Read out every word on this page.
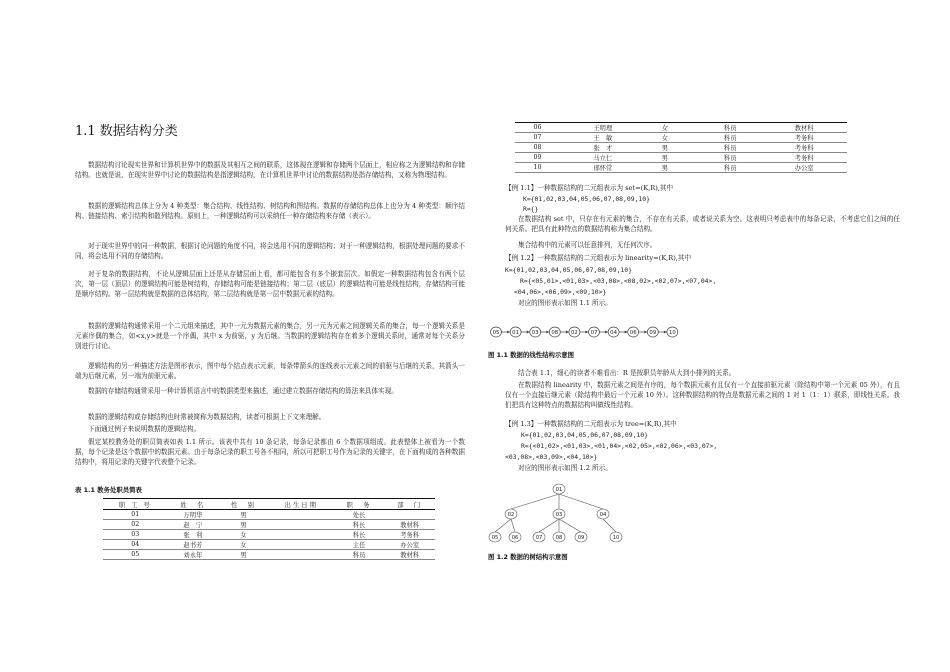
1.1 数据结构分类
数据结构讨论现实世界和计算机世界中的数据及其相互之间的联系，这体现在逻辑和存储两个层面上，相应称之为逻辑结构和存储结构。也就是说，在现实世界中讨论的数据结构是指逻辑结构，在计算机世界中讨论的数据结构是指存储结构，又称为物理结构。
数据的逻辑结构总体上分为 4 种类型：集合结构、线性结构、树结构和图结构。数据的存储结构总体上也分为 4 种类型：顺序结构、链接结构、索引结构和散列结构。原则上，一种逻辑结构可以采纳任一种存储结构来存储（表示）。
对于现实世界中的同一种数据，根据讨论问题的角度不同，将会选用不同的逻辑结构；对于一种逻辑结构，根据处理问题的要求不同，将会选用不同的存储结构。
对于复杂的数据结构，不论从逻辑层面上还是从存储层面上看，都可能包含有多个嵌套层次。如假定一种数据结构包含有两个层次，第一层（顶层）的逻辑结构可能是树结构，存储结构可能是链接结构；第二层（底层）的逻辑结构可能是线性结构，存储结构可能是顺序结构。第一层结构就是数据的总体结构，第二层结构就是第一层中数据元素的结构。
数据的逻辑结构通常采用一个二元组来描述，其中一元为数据元素的集合，另一元为元素之间逻辑关系的集合，每一个逻辑关系是元素序偶的集合，如<x,y>就是一个序偶，其中 x 为前驱，y 为后继。当数据的逻辑结构存在着多个逻辑关系时，通常对每个关系分别进行讨论。
逻辑结构的另一种描述方法是图形表示，图中每个结点表示元素，每条带箭头的连线表示元素之间的前驱与后继的关系，其箭头一端为后继元素，另一端为前驱元素。
数据的存储结构通常采用一种计算机语言中的数据类型来描述，通过建立数据存储结构的算法来具体实现。
数据的逻辑结构或存储结构也时常被简称为数据结构，读者可根据上下文来理解。
下面通过例子来说明数据的逻辑结构。
假定某校教务处的职员简表如表 1.1 所示。该表中共有 10 条记录，每条记录都由 6 个数据项组成。此表整体上被看为一个数据，每个记录是这个数据中的数据元素。由于每条记录的职工号各不相同，所以可把职工号作为记录的关键字，在下面构成的各种数据结构中，将用记录的关键字代表整个记录。
表 1.1 教务处职员简表
职 工 号	姓　名	性　别	出生日期	职　务	部　门
01	万明华	男		处长	
02	赵　宁	男		科长	教材科
03	张　利	女		科长	考务科
04	赵书芳	女		主任	办公室
05	刘永年	男		科员	教材科
06	王明理	女		科员	教材科
07	王　敏	女		科员	考务科
08	张　才	男		科员	考务科
09	马立仁	男		科员	考务科
10	邢怀常	男		科员	办公室
【例 1.1】一种数据结构的二元组表示为 set=(K,R),其中
K={01,02,03,04,05,06,07,08,09,10}
R={}
在数据结构 set 中，只存在有元素的集合，不存在有关系，或者说关系为空。这表明只考虑表中的每条记录，不考虑它们之间的任何关系。把具有此种特点的数据结构称为集合结构。
集合结构中的元素可以任意排列，无任何次序。
【例 1.2】一种数据结构的二元组表示为 linearity=(K,R),其中
K={01,02,03,04,05,06,07,08,09,10}
R={<05,01>,<01,03>,<03,08>,<08,02>,<02,07>,<07,04>,
<04,06>,<06,09>,<09,10>}
对应的图形表示如图 1.1 所示。
05 01 03 08 02 07 04 06 09 10
图 1.1 数据的线性结构示意图
结合表 1.1，细心的读者不难看出：R 是按职员年龄从大到小排列的关系。
在数据结构 linearity 中，数据元素之间是有序的，每个数据元素有且仅有一个直接前驱元素（除结构中第一个元素 05 外），有且仅有一个直接后继元素（除结构中最后一个元素 10 外）。这种数据结构的特点是数据元素之间的 1 对 1（1：1）联系，即线性关系。我们把具有这种特点的数据结构叫做线性结构。
【例 1.3】一种数据结构的二元组表示为 tree=(K,R),其中
K={01,02,03,04,05,06,07,08,09,10}
R={<01,02>,<01,03>,<01,04>,<02,05>,<02,06>,<03,07>,
<03,08>,<03,09>,<04,10>}
对应的图形表示如图 1.2 所示。
10
01
02	03	04
05	06	07	08	09
图 1.2 数据的树结构示意图
